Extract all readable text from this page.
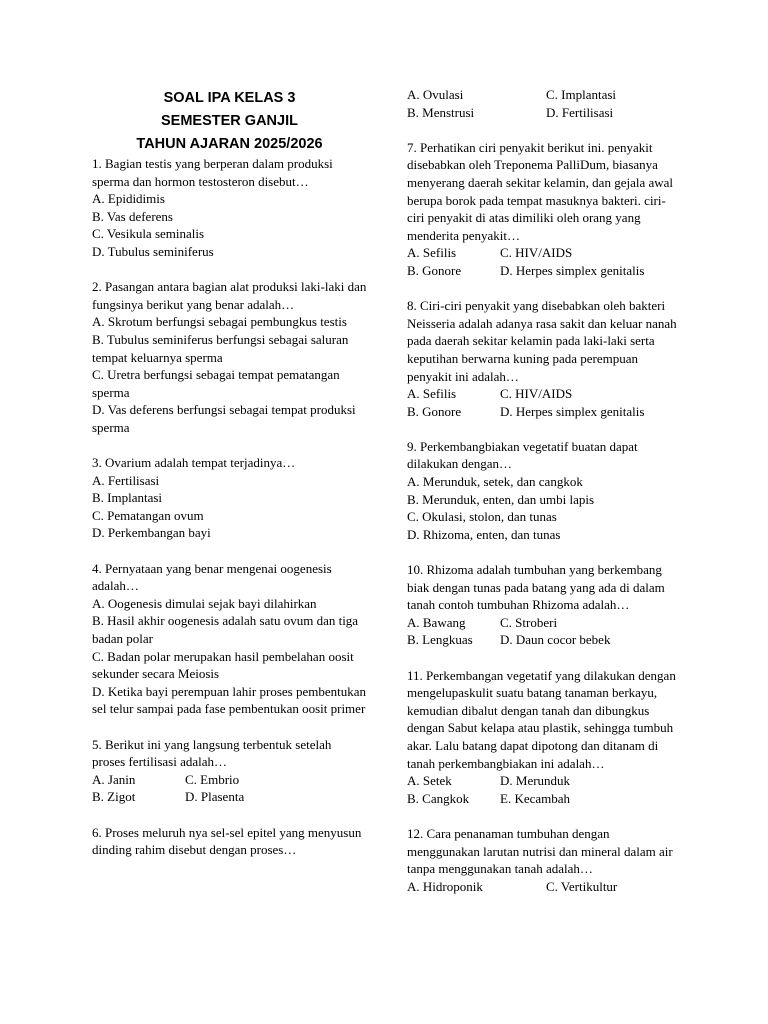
SOAL IPA KELAS 3
SEMESTER GANJIL
TAHUN AJARAN 2025/2026

1. Bagian testis yang berperan dalam produksi sperma dan hormon testosteron disebut…

A. Epididimis

B. Vas deferens

C. Vesikula seminalis

D. Tubulus seminiferus

2. Pasangan antara bagian alat produksi laki-laki dan fungsinya berikut yang benar adalah…

A. Skrotum berfungsi sebagai pembungkus testis

B. Tubulus seminiferus berfungsi sebagai saluran tempat keluarnya sperma

C. Uretra berfungsi sebagai tempat pematangan sperma

D. Vas deferens berfungsi sebagai tempat produksi sperma

3. Ovarium adalah tempat terjadinya…

A. Fertilisasi

B. Implantasi

C. Pematangan ovum

D. Perkembangan bayi

4. Pernyataan yang benar mengenai oogenesis adalah…

A. Oogenesis dimulai sejak bayi dilahirkan

B. Hasil akhir oogenesis adalah satu ovum dan tiga badan polar

C. Badan polar merupakan hasil pembelahan oosit sekunder secara Meiosis

D. Ketika bayi perempuan lahir proses pembentukan sel telur sampai pada fase pembentukan oosit primer

5. Berikut ini yang langsung terbentuk setelah proses fertilisasi adalah…

A. Janin	C. Embrio
B. Zigot	D. Plasenta

6. Proses meluruh nya sel-sel epitel yang menyusun dinding rahim disebut dengan proses…

A. Ovulasi	C. Implantasi
B. Menstrusi	D. Fertilisasi

7. Perhatikan ciri penyakit berikut ini. penyakit disebabkan oleh Treponema PalliDum, biasanya menyerang daerah sekitar kelamin, dan gejala awal berupa borok pada tempat masuknya bakteri. ciri-ciri penyakit di atas dimiliki oleh orang yang menderita penyakit…

A. Sefilis	C. HIV/AIDS
B. Gonore	D. Herpes simplex genitalis

8. Ciri-ciri penyakit yang disebabkan oleh bakteri Neisseria adalah adanya rasa sakit dan keluar nanah pada daerah sekitar kelamin pada laki-laki serta keputihan berwarna kuning pada perempuan penyakit ini adalah…

A. Sefilis	C. HIV/AIDS
B. Gonore	D. Herpes simplex genitalis

9. Perkembangbiakan vegetatif buatan dapat dilakukan dengan…

A. Merunduk, setek, dan cangkok

B. Merunduk, enten, dan umbi lapis

C. Okulasi, stolon, dan tunas

D. Rhizoma, enten, dan tunas

10. Rhizoma adalah tumbuhan yang berkembang biak dengan tunas pada batang yang ada di dalam tanah contoh tumbuhan Rhizoma adalah…

A. Bawang	C. Stroberi
B. Lengkuas	D. Daun cocor bebek

11. Perkembangan vegetatif yang dilakukan dengan mengelupaskulit suatu batang tanaman berkayu, kemudian dibalut dengan tanah dan dibungkus dengan Sabut kelapa atau plastik, sehingga tumbuh akar. Lalu batang dapat dipotong dan ditanam di tanah perkembangbiakan ini adalah…

A. Setek	D. Merunduk
B. Cangkok	E. Kecambah

12. Cara penanaman tumbuhan dengan menggunakan larutan nutrisi dan mineral dalam air tanpa menggunakan tanah adalah…

A. Hidroponik	C. Vertikultur
